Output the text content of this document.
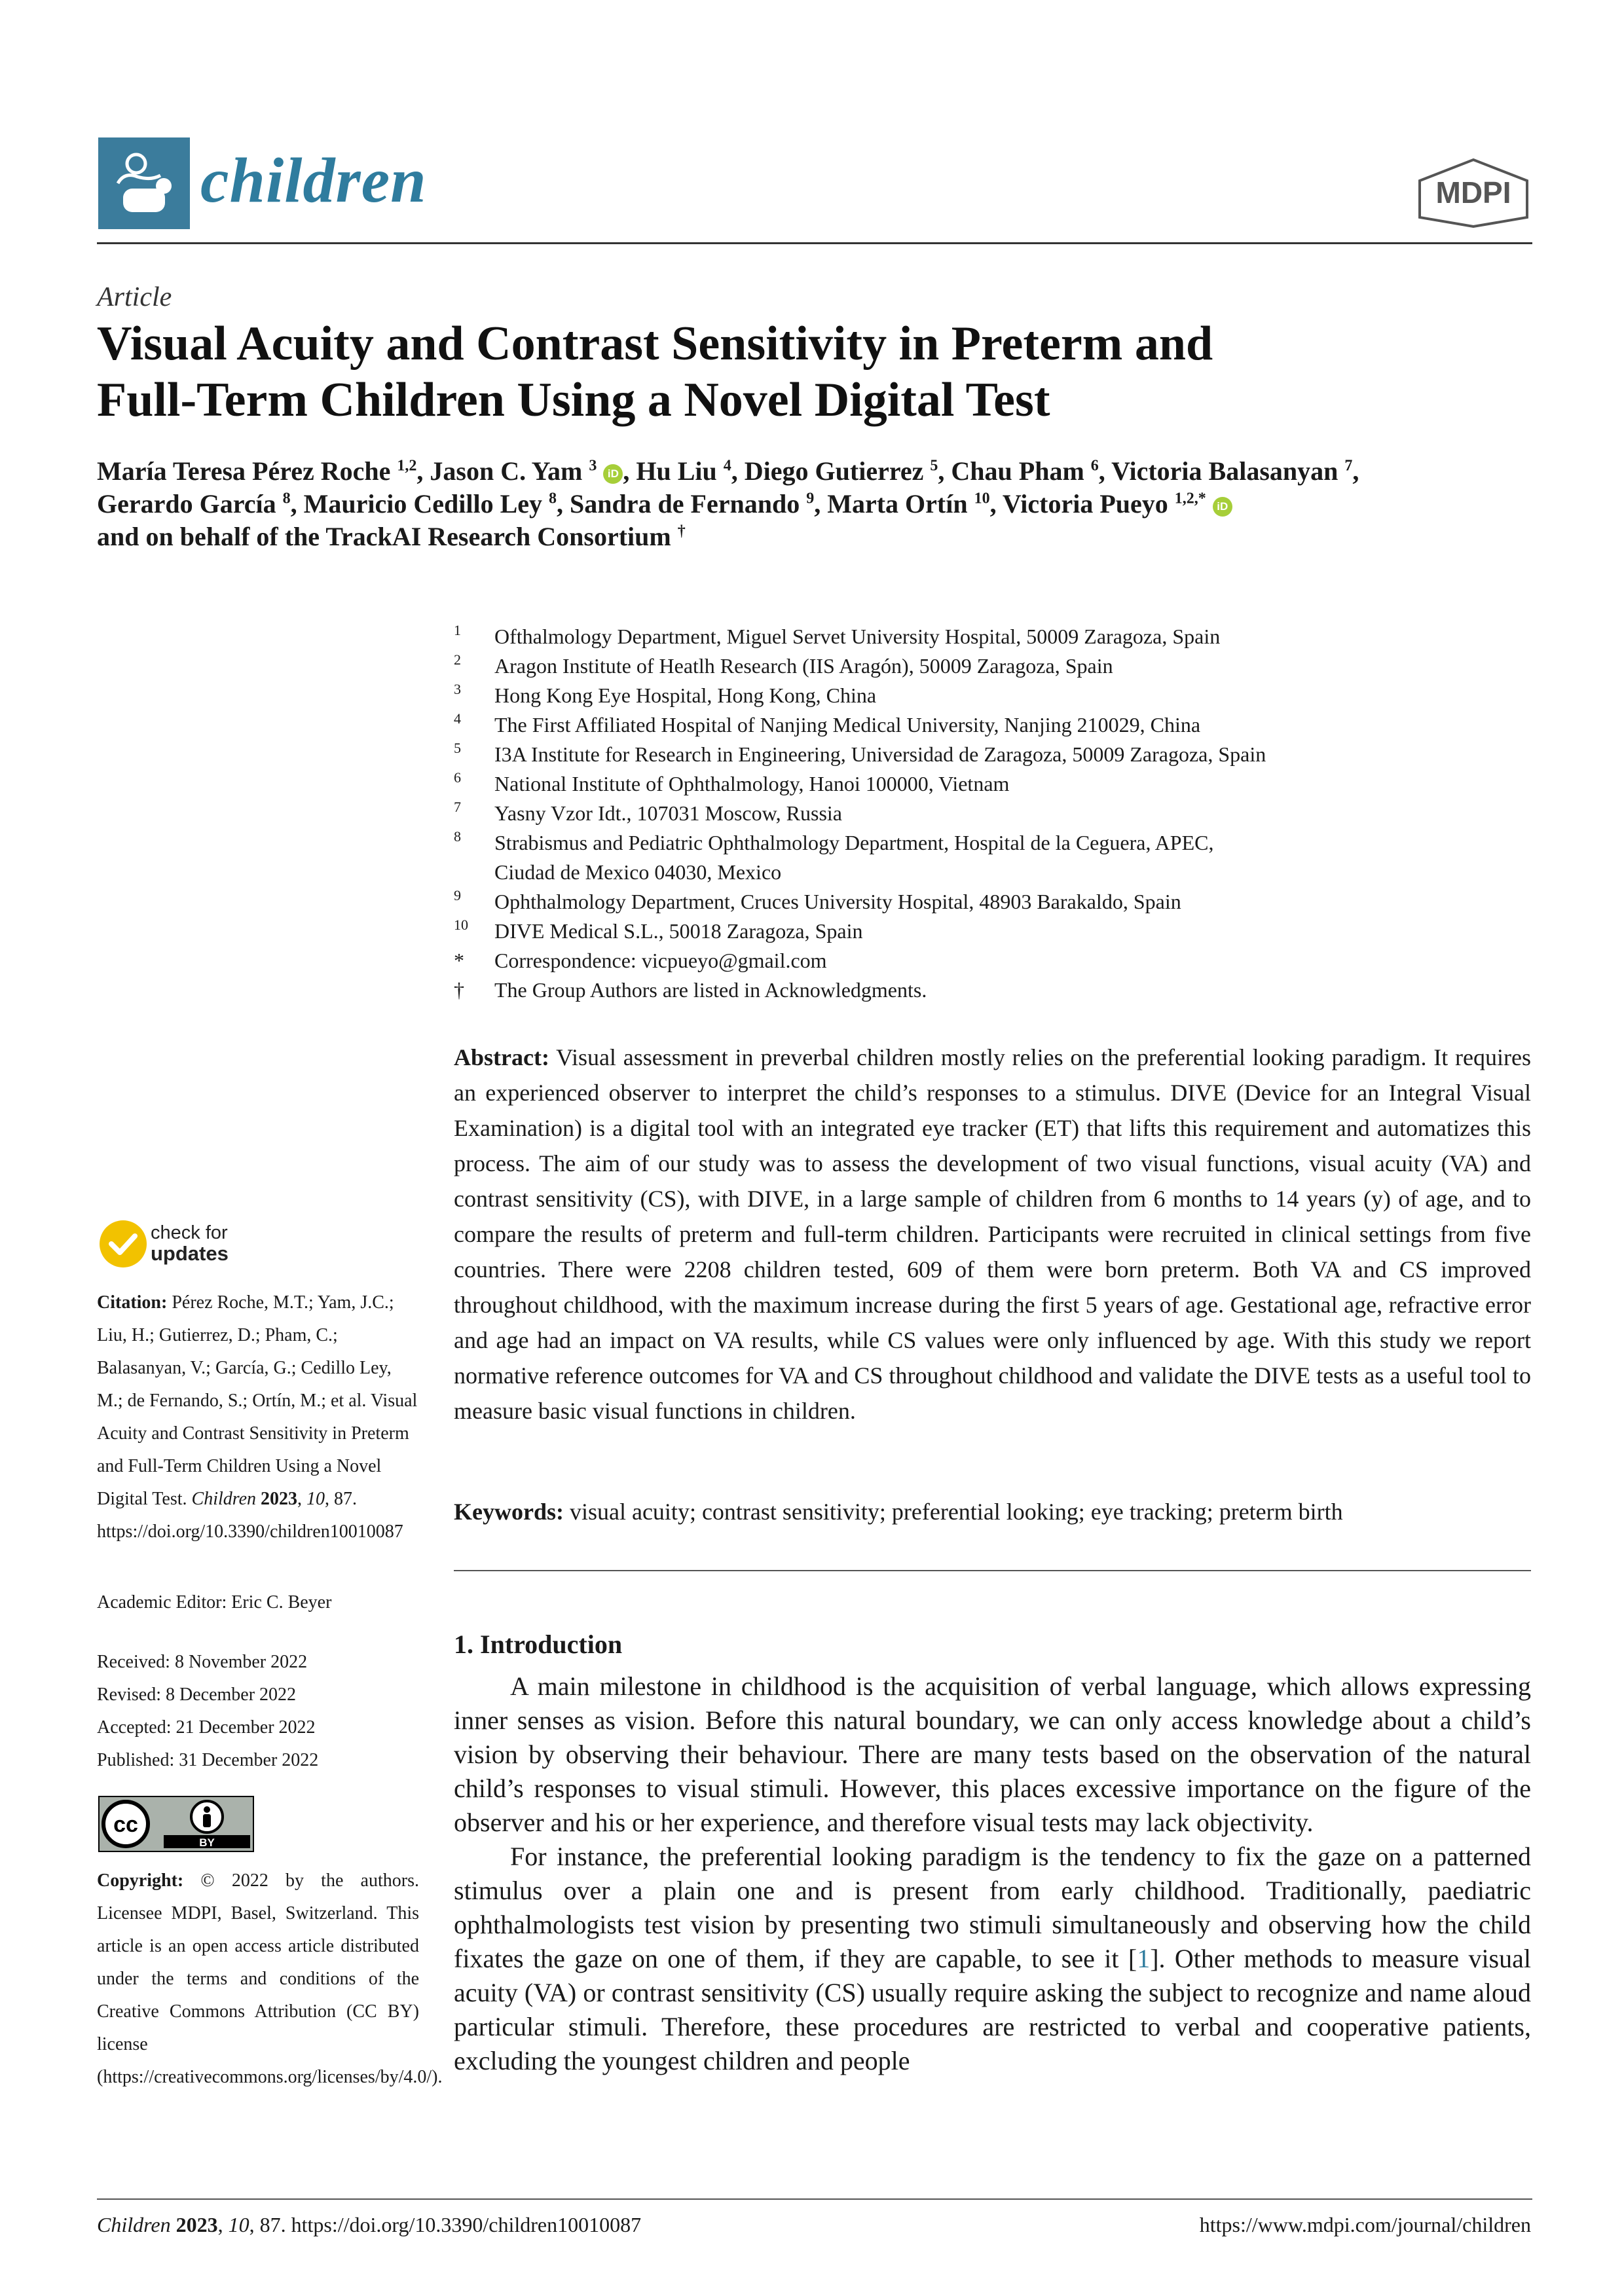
children	MDPI
Article
Visual Acuity and Contrast Sensitivity in Preterm and
Full-Term Children Using a Novel Digital Test
María Teresa Pérez Roche $^{1,2}$, Jason C. Yam $^3$ iD , Hu Liu $^4$, Diego Gutierrez $^5$, Chau Pham $^6$, Victoria Balasanyan $^7$,
Gerardo García $^8$, Mauricio Cedillo Ley $^8$, Sandra de Fernando $^9$, Marta Ortín $^{10}$, Victoria Pueyo $^{1,2,*}$ iD
and on behalf of the TrackAI Research Consortium †
1	Ofthalmology Department, Miguel Servet University Hospital, 50009 Zaragoza, Spain
2	Aragon Institute of Heatlh Research (IIS Aragón), 50009 Zaragoza, Spain
3	Hong Kong Eye Hospital, Hong Kong, China
4	The First Affiliated Hospital of Nanjing Medical University, Nanjing 210029, China
5	I3A Institute for Research in Engineering, Universidad de Zaragoza, 50009 Zaragoza, Spain
6	National Institute of Ophthalmology, Hanoi 100000, Vietnam
7	Yasny Vzor Idt., 107031 Moscow, Russia
8	Strabismus and Pediatric Ophthalmology Department, Hospital de la Ceguera, APEC,
Ciudad de Mexico 04030, Mexico
9	Ophthalmology Department, Cruces University Hospital, 48903 Barakaldo, Spain
10	DIVE Medical S.L., 50018 Zaragoza, Spain
*	Correspondence: vicpueyo@gmail.com
†	The Group Authors are listed in Acknowledgments.
check for
updates
Citation: Pérez Roche, M.T.; Yam, J.C.; Liu, H.; Gutierrez, D.; Pham, C.; Balasanyan, V.; García, G.; Cedillo Ley, M.; de Fernando, S.; Ortín, M.; et al. Visual Acuity and Contrast Sensitivity in Preterm and Full-Term Children Using a Novel Digital Test. Children 2023, 10, 87. https://doi.org/10.3390/children10010087
Academic Editor: Eric C. Beyer
Received: 8 November 2022
Revised: 8 December 2022
Accepted: 21 December 2022
Published: 31 December 2022
cc
BY
Copyright: © 2022 by the authors. Licensee MDPI, Basel, Switzerland. This article is an open access article distributed under the terms and conditions of the Creative Commons Attribution (CC BY) license (https://creativecommons.org/licenses/by/4.0/).
Abstract: Visual assessment in preverbal children mostly relies on the preferential looking paradigm. It requires an experienced observer to interpret the child’s responses to a stimulus. DIVE (Device for an Integral Visual Examination) is a digital tool with an integrated eye tracker (ET) that lifts this requirement and automatizes this process. The aim of our study was to assess the development of two visual functions, visual acuity (VA) and contrast sensitivity (CS), with DIVE, in a large sample of children from 6 months to 14 years (y) of age, and to compare the results of preterm and full-term children. Participants were recruited in clinical settings from five countries. There were 2208 children tested, 609 of them were born preterm. Both VA and CS improved throughout childhood, with the maximum increase during the first 5 years of age. Gestational age, refractive error and age had an impact on VA results, while CS values were only influenced by age. With this study we report normative reference outcomes for VA and CS throughout childhood and validate the DIVE tests as a useful tool to measure basic visual functions in children.
Keywords: visual acuity; contrast sensitivity; preferential looking; eye tracking; preterm birth
1. Introduction

A main milestone in childhood is the acquisition of verbal language, which allows expressing inner senses as vision. Before this natural boundary, we can only access knowledge about a child’s vision by observing their behaviour. There are many tests based on the observation of the natural child’s responses to visual stimuli. However, this places excessive importance on the figure of the observer and his or her experience, and therefore visual tests may lack objectivity.

For instance, the preferential looking paradigm is the tendency to fix the gaze on a patterned stimulus over a plain one and is present from early childhood. Traditionally, paediatric ophthalmologists test vision by presenting two stimuli simultaneously and observing how the child fixates the gaze on one of them, if they are capable, to see it [1]. Other methods to measure visual acuity (VA) or contrast sensitivity (CS) usually require asking the subject to recognize and name aloud particular stimuli. Therefore, these procedures are restricted to verbal and cooperative patients, excluding the youngest children and people

Children 2023, 10, 87. https://doi.org/10.3390/children10010087	https://www.mdpi.com/journal/children
